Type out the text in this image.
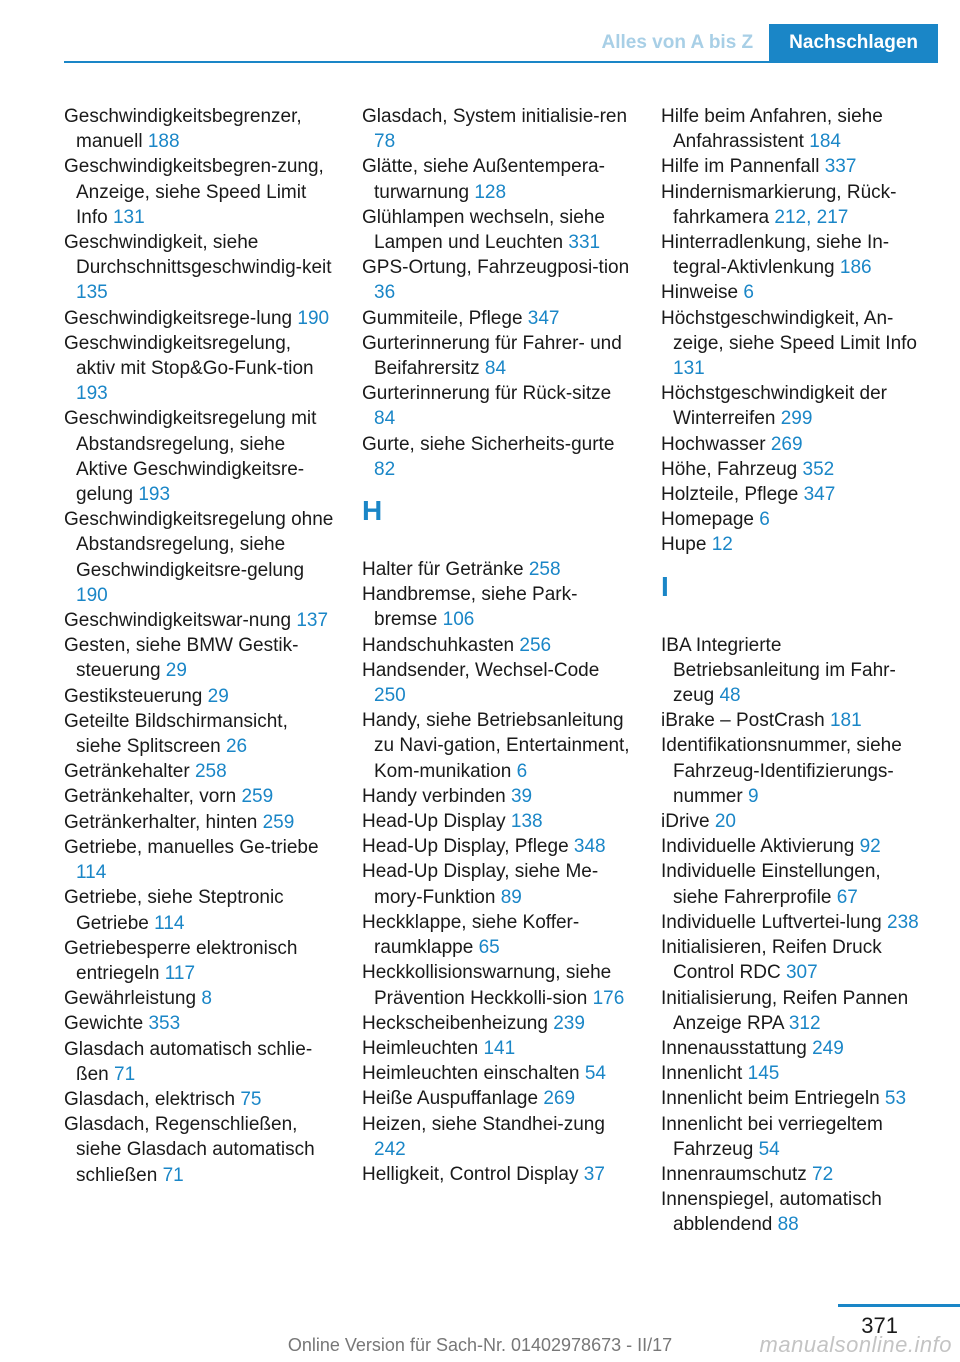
Alles von A bis Z	Nachschlagen

Geschwindigkeitsbegrenzer, manuell 188

Geschwindigkeitsbegren‐zung, Anzeige, siehe Speed Limit Info 131

Geschwindigkeit, siehe Durchschnittsgeschwindig‐keit 135

Geschwindigkeitsrege‐lung 190

Geschwindigkeitsregelung, aktiv mit Stop&Go-Funk‐tion 193

Geschwindigkeitsregelung mit Abstandsregelung, siehe Aktive Geschwindigkeitsre‐gelung 193

Geschwindigkeitsregelung ohne Abstandsregelung, siehe Geschwindigkeitsre‐gelung 190

Geschwindigkeitswar‐nung 137

Gesten, siehe BMW Gestik‐steuerung 29

Gestiksteuerung 29

Geteilte Bildschirmansicht, siehe Splitscreen 26

Getränkehalter 258

Getränkehalter, vorn 259

Getränkerhalter, hinten 259

Getriebe, manuelles Ge‐triebe 114

Getriebe, siehe Steptronic Getriebe 114

Getriebesperre elektronisch entriegeln 117

Gewährleistung 8

Gewichte 353

Glasdach automatisch schlie‐ßen 71

Glasdach, elektrisch 75

Glasdach, Regenschließen, siehe Glasdach automatisch schließen 71

Glasdach, System initialisie‐ren 78

Glätte, siehe Außentempera‐turwarnung 128

Glühlampen wechseln, siehe Lampen und Leuchten 331

GPS-Ortung, Fahrzeugposi‐tion 36

Gummiteile, Pflege 347

Gurterinnerung für Fahrer- und Beifahrersitz 84

Gurterinnerung für Rück‐sitze 84

Gurte, siehe Sicherheits‐gurte 82

H

Halter für Getränke 258

Handbremse, siehe Park‐bremse 106

Handschuhkasten 256

Handsender, Wechsel-Code 250

Handy, siehe Betriebsanleitung zu Navi‐gation, Entertainment, Kom‐munikation 6

Handy verbinden 39

Head-Up Display 138

Head-Up Display, Pflege 348

Head-Up Display, siehe Me‐mory-Funktion 89

Heckklappe, siehe Koffer‐raumklappe 65

Heckkollisionswarnung, siehe Prävention Heckkolli‐sion 176

Heckscheibenheizung 239

Heimleuchten 141

Heimleuchten einschalten 54

Heiße Auspuffanlage 269

Heizen, siehe Standhei‐zung 242

Helligkeit, Control Display 37

Hilfe beim Anfahren, siehe Anfahrassistent 184

Hilfe im Pannenfall 337

Hindernismarkierung, Rück‐fahrkamera 212, 217

Hinterradlenkung, siehe In‐tegral-Aktivlenkung 186

Hinweise 6

Höchstgeschwindigkeit, An‐zeige, siehe Speed Limit Info 131

Höchstgeschwindigkeit der Winterreifen 299

Hochwasser 269

Höhe, Fahrzeug 352

Holzteile, Pflege 347

Homepage 6

Hupe 12

I

IBA Integrierte Betriebsanleitung im Fahr‐zeug 48

iBrake – PostCrash 181

Identifikationsnummer, siehe Fahrzeug-Identifizierungs‐nummer 9

iDrive 20

Individuelle Aktivierung 92

Individuelle Einstellungen, siehe Fahrerprofile 67

Individuelle Luftvertei‐lung 238

Initialisieren, Reifen Druck Control RDC 307

Initialisierung, Reifen Pannen Anzeige RPA 312

Innenausstattung 249

Innenlicht 145

Innenlicht beim Entriegeln 53

Innenlicht bei verriegeltem Fahrzeug 54

Innenraumschutz 72

Innenspiegel, automatisch abblendend 88

371
Online Version für Sach-Nr. 01402978673 - II/17	manualsonline.info
